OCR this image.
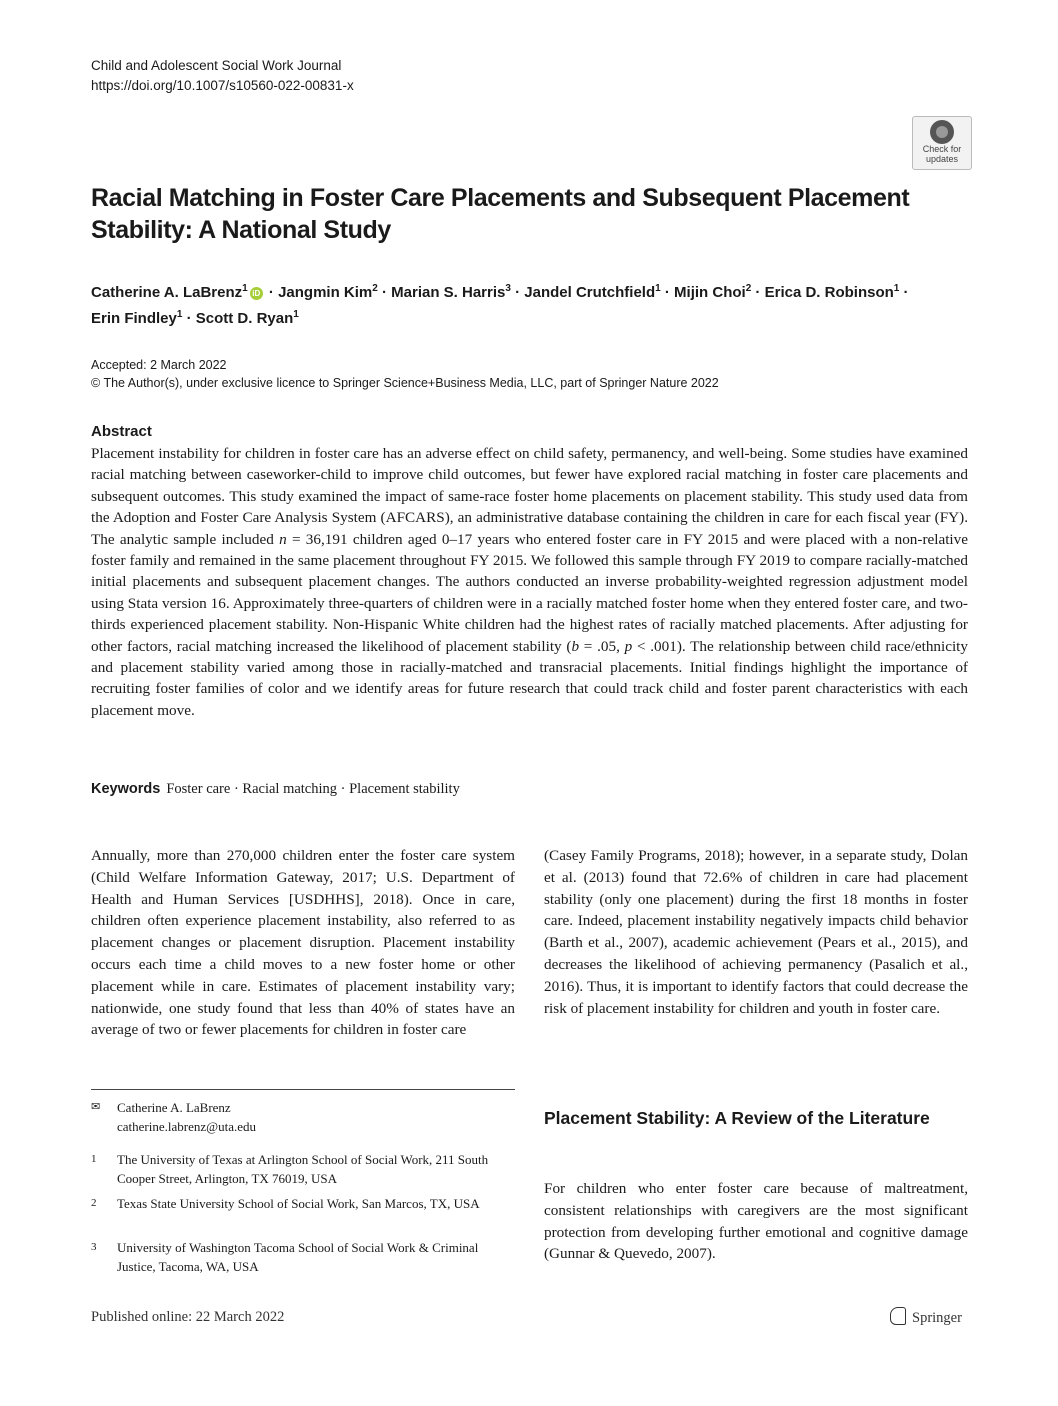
Child and Adolescent Social Work Journal
https://doi.org/10.1007/s10560-022-00831-x
Check for
updates
Racial Matching in Foster Care Placements and Subsequent Placement Stability: A National Study
Catherine A. LaBrenz$^1$ iD · Jangmin Kim$^2$ · Marian S. Harris$^3$ · Jandel Crutchfield$^1$ · Mijin Choi$^2$ · Erica D. Robinson$^1$ ·
Erin Findley$^1$ · Scott D. Ryan$^1$
Accepted: 2 March 2022
© The Author(s), under exclusive licence to Springer Science+Business Media, LLC, part of Springer Nature 2022
Abstract
Placement instability for children in foster care has an adverse effect on child safety, permanency, and well-being. Some studies have examined racial matching between caseworker-child to improve child outcomes, but fewer have explored racial matching in foster care placements and subsequent outcomes. This study examined the impact of same-race foster home placements on placement stability. This study used data from the Adoption and Foster Care Analysis System (AFCARS), an administrative database containing the children in care for each fiscal year (FY). The analytic sample included n = 36,191 children aged 0–17 years who entered foster care in FY 2015 and were placed with a non-relative foster family and remained in the same placement throughout FY 2015. We followed this sample through FY 2019 to compare racially-matched initial placements and subsequent placement changes. The authors conducted an inverse probability-weighted regression adjustment model using Stata version 16. Approximately three-quarters of children were in a racially matched foster home when they entered foster care, and two-thirds experienced placement stability. Non-Hispanic White children had the highest rates of racially matched placements. After adjusting for other factors, racial matching increased the likelihood of placement stability (b = .05, p < .001). The relationship between child race/ethnicity and placement stability varied among those in racially-matched and transracial placements. Initial findings highlight the importance of recruiting foster families of color and we identify areas for future research that could track child and foster parent characteristics with each placement move.
Keywords Foster care · Racial matching · Placement stability
Annually, more than 270,000 children enter the foster care system (Child Welfare Information Gateway, 2017; U.S. Department of Health and Human Services [USDHHS], 2018). Once in care, children often experience placement instability, also referred to as placement changes or placement disruption. Placement instability occurs each time a child moves to a new foster home or other placement while in care. Estimates of placement instability vary; nationwide, one study found that less than 40% of states have an average of two or fewer placements for children in foster care
(Casey Family Programs, 2018); however, in a separate study, Dolan et al. (2013) found that 72.6% of children in care had placement stability (only one placement) during the first 18 months in foster care. Indeed, placement instability negatively impacts child behavior (Barth et al., 2007), academic achievement (Pears et al., 2015), and decreases the likelihood of achieving permanency (Pasalich et al., 2016). Thus, it is important to identify factors that could decrease the risk of placement instability for children and youth in foster care.
✉ Catherine A. LaBrenz
catherine.labrenz@uta.edu
1 The University of Texas at Arlington School of Social Work, 211 South Cooper Street, Arlington, TX 76019, USA
2 Texas State University School of Social Work, San Marcos, TX, USA
3 University of Washington Tacoma School of Social Work & Criminal Justice, Tacoma, WA, USA
Placement Stability: A Review of the Literature
For children who enter foster care because of maltreatment, consistent relationships with caregivers are the most significant protection from developing further emotional and cognitive damage (Gunnar & Quevedo, 2007).
Published online: 22 March 2022	Springer
